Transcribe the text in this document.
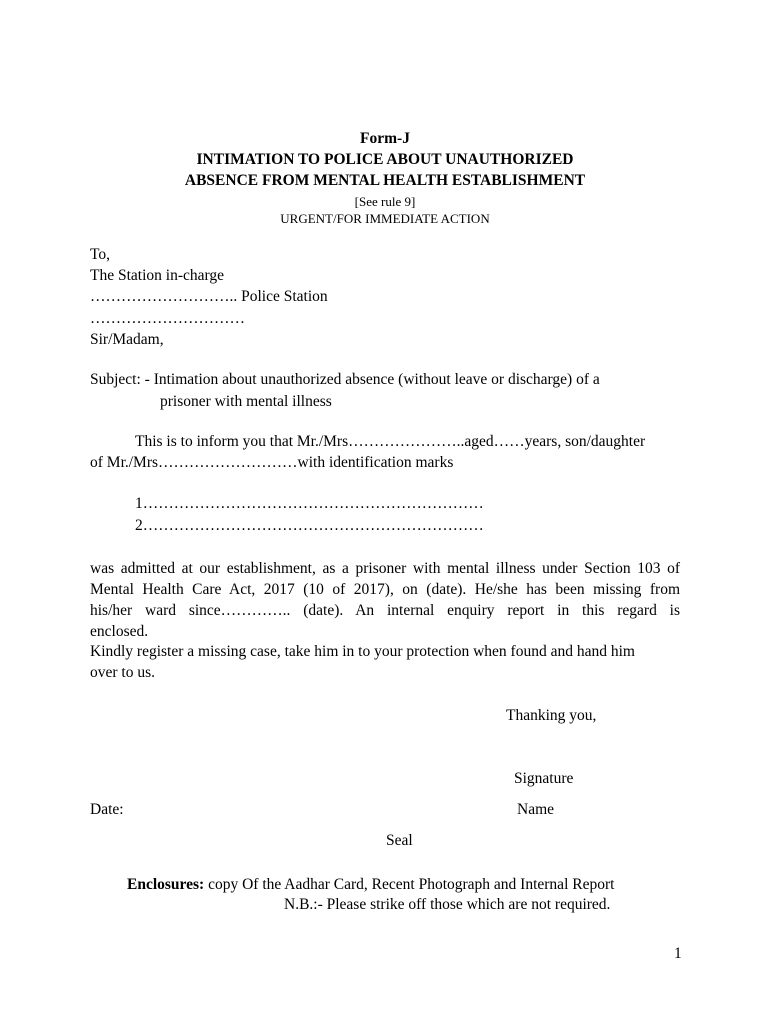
Form-J
INTIMATION TO POLICE ABOUT UNAUTHORIZED
ABSENCE FROM MENTAL HEALTH ESTABLISHMENT
[See rule 9]
URGENT/FOR IMMEDIATE ACTION
To,
The Station in-charge
……………………….. Police Station
…………………………
Sir/Madam,
Subject: - Intimation about unauthorized absence (without leave or discharge) of a
prisoner with mental illness
This is to inform you that Mr./Mrs…………………..aged……years, son/daughter
of Mr./Mrs………………………with identification marks
1…………………………………………………………
2…………………………………………………………
was admitted at our establishment, as a prisoner with mental illness under Section 103 of
Mental Health Care Act, 2017 (10 of 2017), on (date). He/she has been missing from
his/her ward since………….. (date). An internal enquiry report in this regard is
enclosed.
Kindly register a missing case, take him in to your protection when found and hand him
over to us.
Thanking you,
Signature
Date:	Name
Seal
Enclosures: copy Of the Aadhar Card, Recent Photograph and Internal Report
N.B.:- Please strike off those which are not required.
1
